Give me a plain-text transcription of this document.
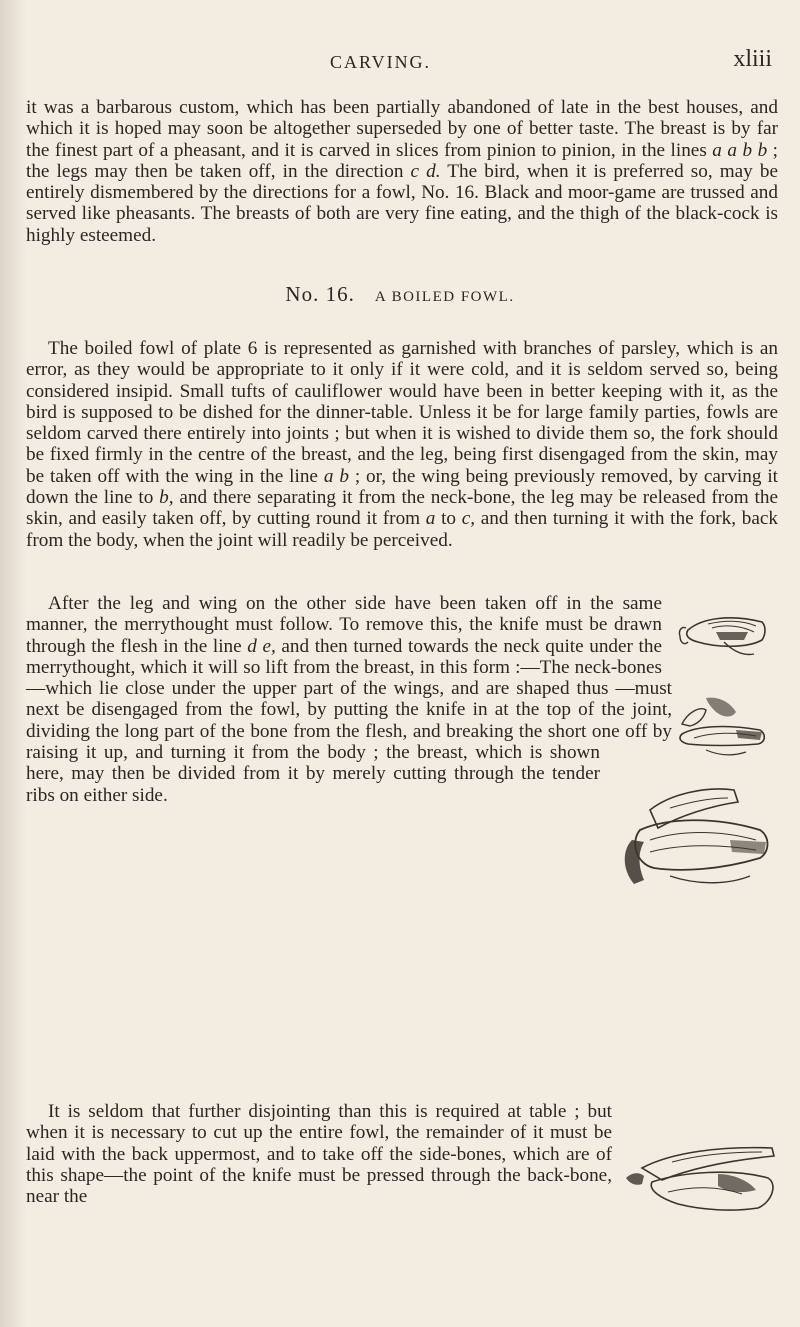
CARVING.	xliii

it was a barbarous custom, which has been partially abandoned of late in the best houses, and which it is hoped may soon be altogether superseded by one of better taste. The breast is by far the finest part of a pheasant, and it is carved in slices from pinion to pinion, in the lines a a b b ; the legs may then be taken off, in the direction c d. The bird, when it is preferred so, may be entirely dismembered by the directions for a fowl, No. 16. Black and moor-game are trussed and served like pheasants. The breasts of both are very fine eating, and the thigh of the black-cock is highly esteemed.

No. 16. A BOILED FOWL.

The boiled fowl of plate 6 is represented as garnished with branches of parsley, which is an error, as they would be appropriate to it only if it were cold, and it is seldom served so, being considered insipid. Small tufts of cauliflower would have been in better keeping with it, as the bird is supposed to be dished for the dinner-table. Unless it be for large family parties, fowls are seldom carved there entirely into joints ; but when it is wished to divide them so, the fork should be fixed firmly in the centre of the breast, and the leg, being first disengaged from the skin, may be taken off with the wing in the line a b ; or, the wing being previously removed, by carving it down the line to b, and there separating it from the neck-bone, the leg may be released from the skin, and easily taken off, by cutting round it from a to c, and then turning it with the fork, back from the body, when the joint will readily be perceived.

After the leg and wing on the other side have been taken off in the same manner, the merrythought must follow. To remove this, the knife must be drawn through the flesh in the line d e, and then turned towards the neck quite under the merrythought, which it will so lift from the breast, in this form :—The neck-bones—which lie close under the upper part of the wings, and are shaped thus —must next be disengaged from the fowl, by putting the knife in at the top of the joint, dividing the long part of the bone from the flesh, and breaking the short one off by raising it up, and turning it from the body ; the breast, which is shown here, may then be divided from it by merely cutting through the tender ribs on either side.

It is seldom that further disjointing than this is required at table ; but when it is necessary to cut up the entire fowl, the remainder of it must be laid with the back uppermost, and to take off the side-bones, which are of this shape—the point of the knife must be pressed through the back-bone, near the
